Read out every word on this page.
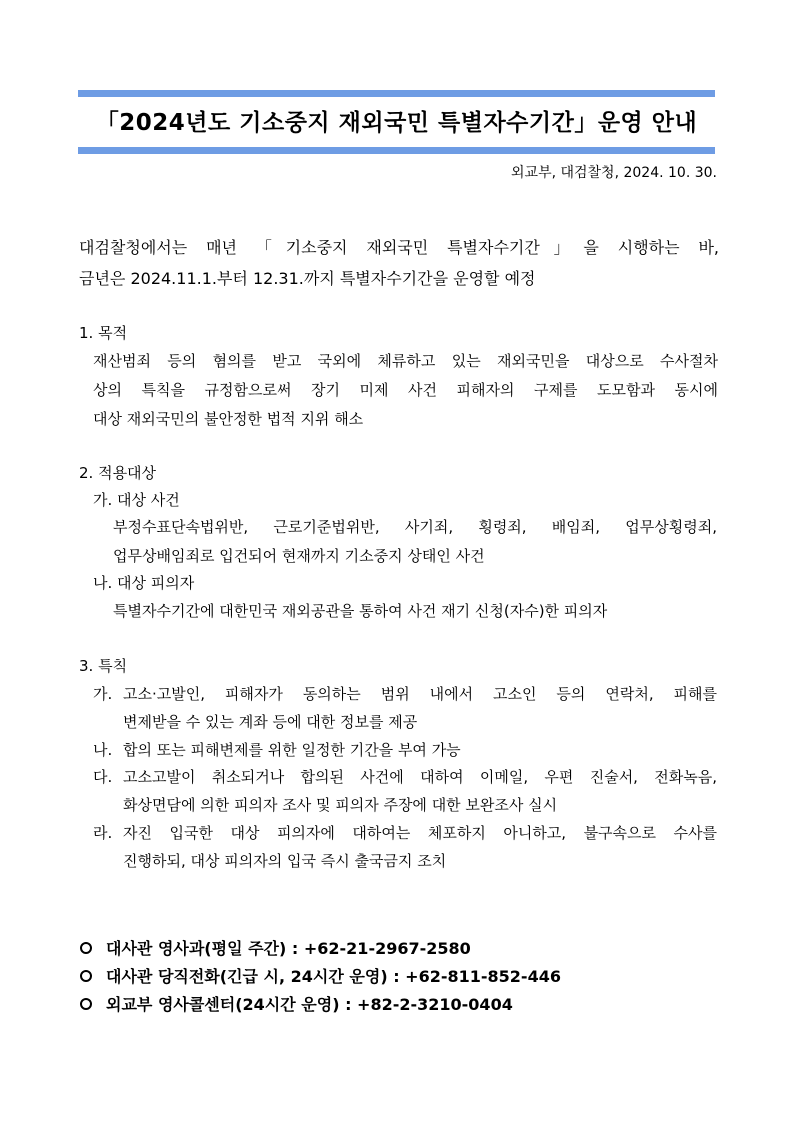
「2024년도 기소중지 재외국민 특별자수기간」운영 안내
외교부, 대검찰청, 2024. 10. 30.
대검찰청에서는 매년 「기소중지 재외국민 특별자수기간」을 시행하는 바,
금년은 2024.11.1.부터 12.31.까지 특별자수기간을 운영할 예정
1. 목적
재산범죄 등의 혐의를 받고 국외에 체류하고 있는 재외국민을 대상으로 수사절차
상의 특칙을 규정함으로써 장기 미제 사건 피해자의 구제를 도모함과 동시에
대상 재외국민의 불안정한 법적 지위 해소
2. 적용대상
가. 대상 사건
부정수표단속법위반, 근로기준법위반, 사기죄, 횡령죄, 배임죄, 업무상횡령죄,
업무상배임죄로 입건되어 현재까지 기소중지 상태인 사건
나. 대상 피의자
특별자수기간에 대한민국 재외공관을 통하여 사건 재기 신청(자수)한 피의자
3. 특칙
가. 고소·고발인, 피해자가 동의하는 범위 내에서 고소인 등의 연락처, 피해를
변제받을 수 있는 계좌 등에 대한 정보를 제공
나. 합의 또는 피해변제를 위한 일정한 기간을 부여 가능
다. 고소고발이 취소되거나 합의된 사건에 대하여 이메일, 우편 진술서, 전화녹음,
화상면담에 의한 피의자 조사 및 피의자 주장에 대한 보완조사 실시
라. 자진 입국한 대상 피의자에 대하여는 체포하지 아니하고, 불구속으로 수사를
진행하되, 대상 피의자의 입국 즉시 출국금지 조치
대사관 영사과(평일 주간) : +62-21-2967-2580
대사관 당직전화(긴급 시, 24시간 운영) : +62-811-852-446
외교부 영사콜센터(24시간 운영) : +82-2-3210-0404
